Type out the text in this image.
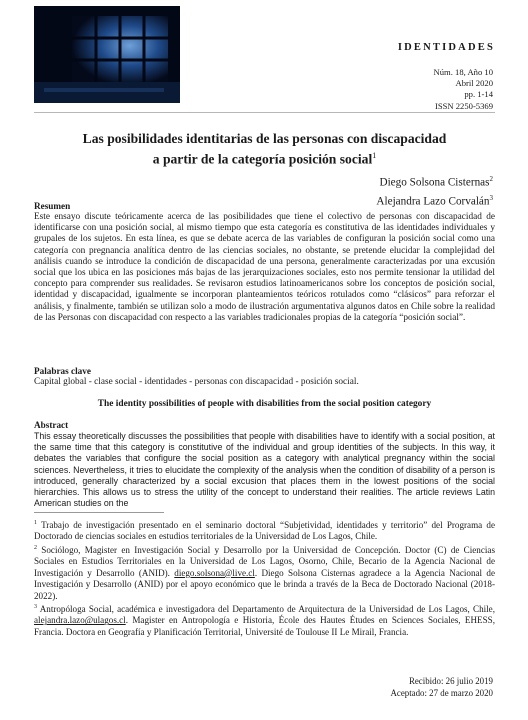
IDENTIDADES
Núm. 18, Año 10
Abril 2020
pp. 1-14
ISSN 2250-5369
Las posibilidades identitarias de las personas con discapacidad
a partir de la categoría posición social$^1$
Diego Solsona Cisternas$^2$
Alejandra Lazo Corvalán$^3$
Resumen
Este ensayo discute teóricamente acerca de las posibilidades que tiene el colectivo de personas con discapacidad de identificarse con una posición social, al mismo tiempo que esta categoría es constitutiva de las identidades individuales y grupales de los sujetos. En esta línea, es que se debate acerca de las variables de configuran la posición social como una categoría con pregnancia analítica dentro de las ciencias sociales, no obstante, se pretende elucidar la complejidad del análisis cuando se introduce la condición de discapacidad de una persona, generalmente caracterizadas por una excusión social que los ubica en las posiciones más bajas de las jerarquizaciones sociales, esto nos permite tensionar la utilidad del concepto para comprender sus realidades. Se revisaron estudios latinoamericanos sobre los conceptos de posición social, identidad y discapacidad, igualmente se incorporan planteamientos teóricos rotulados como “clásicos” para reforzar el análisis, y finalmente, también se utilizan solo a modo de ilustración argumentativa algunos datos en Chile sobre la realidad de las Personas con discapacidad con respecto a las variables tradicionales propias de la categoría “posición social”.
Palabras clave
Capital global - clase social - identidades - personas con discapacidad - posición social.
The identity possibilities of people with disabilities from the social position category
Abstract
This essay theoretically discusses the possibilities that people with disabilities have to identify with a social position, at the same time that this category is constitutive of the individual and group identities of the subjects. In this way, it debates the variables that configure the social position as a category with analytical pregnancy within the social sciences. Nevertheless, it tries to elucidate the complexity of the analysis when the condition of disability of a person is introduced, generally characterized by a social excusion that places them in the lowest positions of the social hierarchies. This allows us to stress the utility of the concept to understand their realities. The article reviews Latin American studies on the

$^1$ Trabajo de investigación presentado en el seminario doctoral “Subjetividad, identidades y territorio” del Programa de Doctorado de ciencias sociales en estudios territoriales de la Universidad de Los Lagos, Chile.

$^2$ Sociólogo, Magister en Investigación Social y Desarrollo por la Universidad de Concepción. Doctor (C) de Ciencias Sociales en Estudios Territoriales en la Universidad de Los Lagos, Osorno, Chile, Becario de la Agencia Nacional de Investigación y Desarrollo (ANID). diego.solsona@live.cl. Diego Solsona Cisternas agradece a la Agencia Nacional de Investigación y Desarrollo (ANID) por el apoyo económico que le brinda a través de la Beca de Doctorado Nacional (2018-2022).

$^3$ Antropóloga Social, académica e investigadora del Departamento de Arquitectura de la Universidad de Los Lagos, Chile, alejandra.lazo@ulagos.cl. Magister en Antropología e Historia, École des Hautes Études en Sciences Sociales, EHESS, Francia. Doctora en Geografía y Planificación Territorial, Université de Toulouse II Le Mirail, Francia.

Recibido: 26 julio 2019
Aceptado: 27 de marzo 2020
